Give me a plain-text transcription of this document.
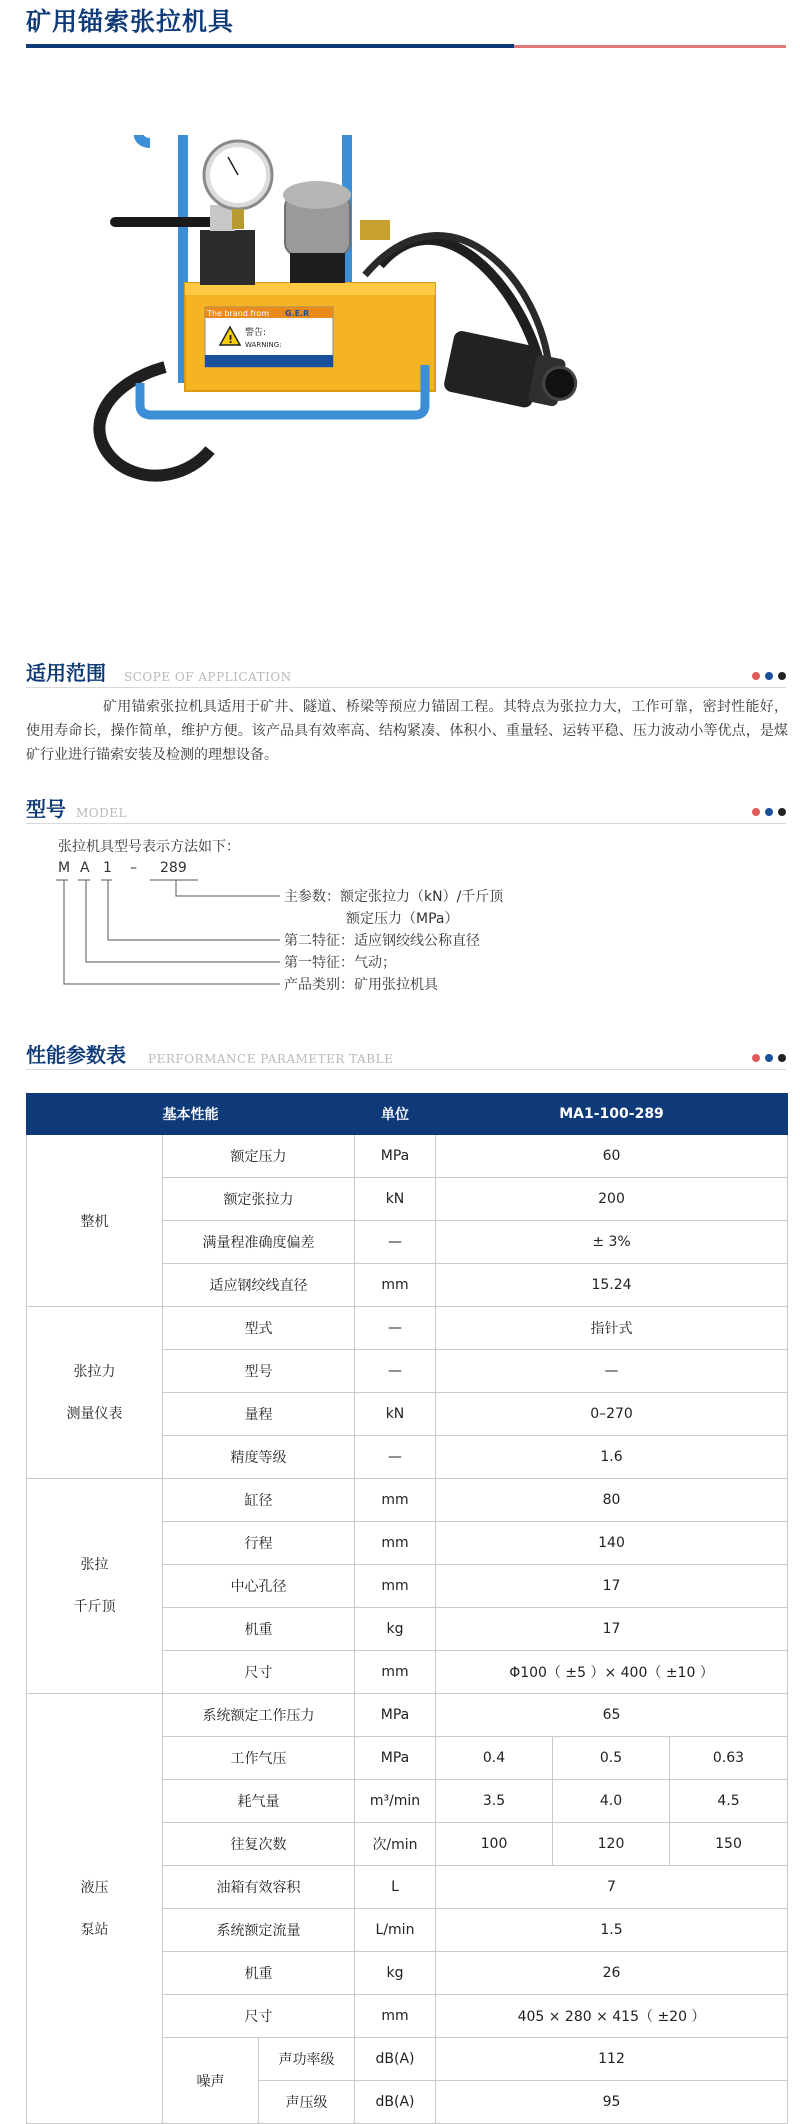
矿用锚索张拉机具
The brand from G.E.R
! 警告:
WARNING:
适用范围 SCOPE OF APPLICATION
矿用锚索张拉机具适用于矿井、隧道、桥梁等预应力锚固工程。其特点为张拉力大，工作可靠，密封性能好，使用寿命长，操作简单，维护方便。该产品具有效率高、结构紧凑、体积小、重量轻、运转平稳、压力波动小等优点，是煤矿行业进行锚索安装及检测的理想设备。
型号 MODEL
张拉机具型号表示方法如下：
M A 1 – 289
主参数：额定张拉力（kN）/千斤顶
额定压力（MPa）
第二特征：适应钢绞线公称直径
第一特征：气动；
产品类别：矿用张拉机具
性能参数表 PERFORMANCE PARAMETER TABLE
基本性能			单位	MA1-100-289		
整机	额定压力		MPa	60		
	额定张拉力		kN	200		
	满量程准确度偏差		—	± 3%		
	适应钢绞线直径		mm	15.24		

张拉力
测量仪表	型式		—	指针式		
	型号		—	—		
	量程		kN	0–270		
	精度等级		—	1.6		

张拉
千斤顶	缸径		mm	80		
	行程		mm	140		
	中心孔径		mm	17		
	机重		kg	17		
	尺寸		mm	Φ100（ ±5 ）× 400（ ±10 ）		

液压
泵站	系统额定工作压力		MPa	65		
	工作气压		MPa	0.4	0.5	0.63
	耗气量		m³/min	3.5	4.0	4.5
	往复次数		次/min	100	120	150
	油箱有效容积		L	7		
	系统额定流量		L/min	1.5		
	机重		kg	26		
	尺寸		mm	405 × 280 × 415（ ±20 ）		
	噪声	声功率级	dB(A)	112		
		声压级	dB(A)	95		
